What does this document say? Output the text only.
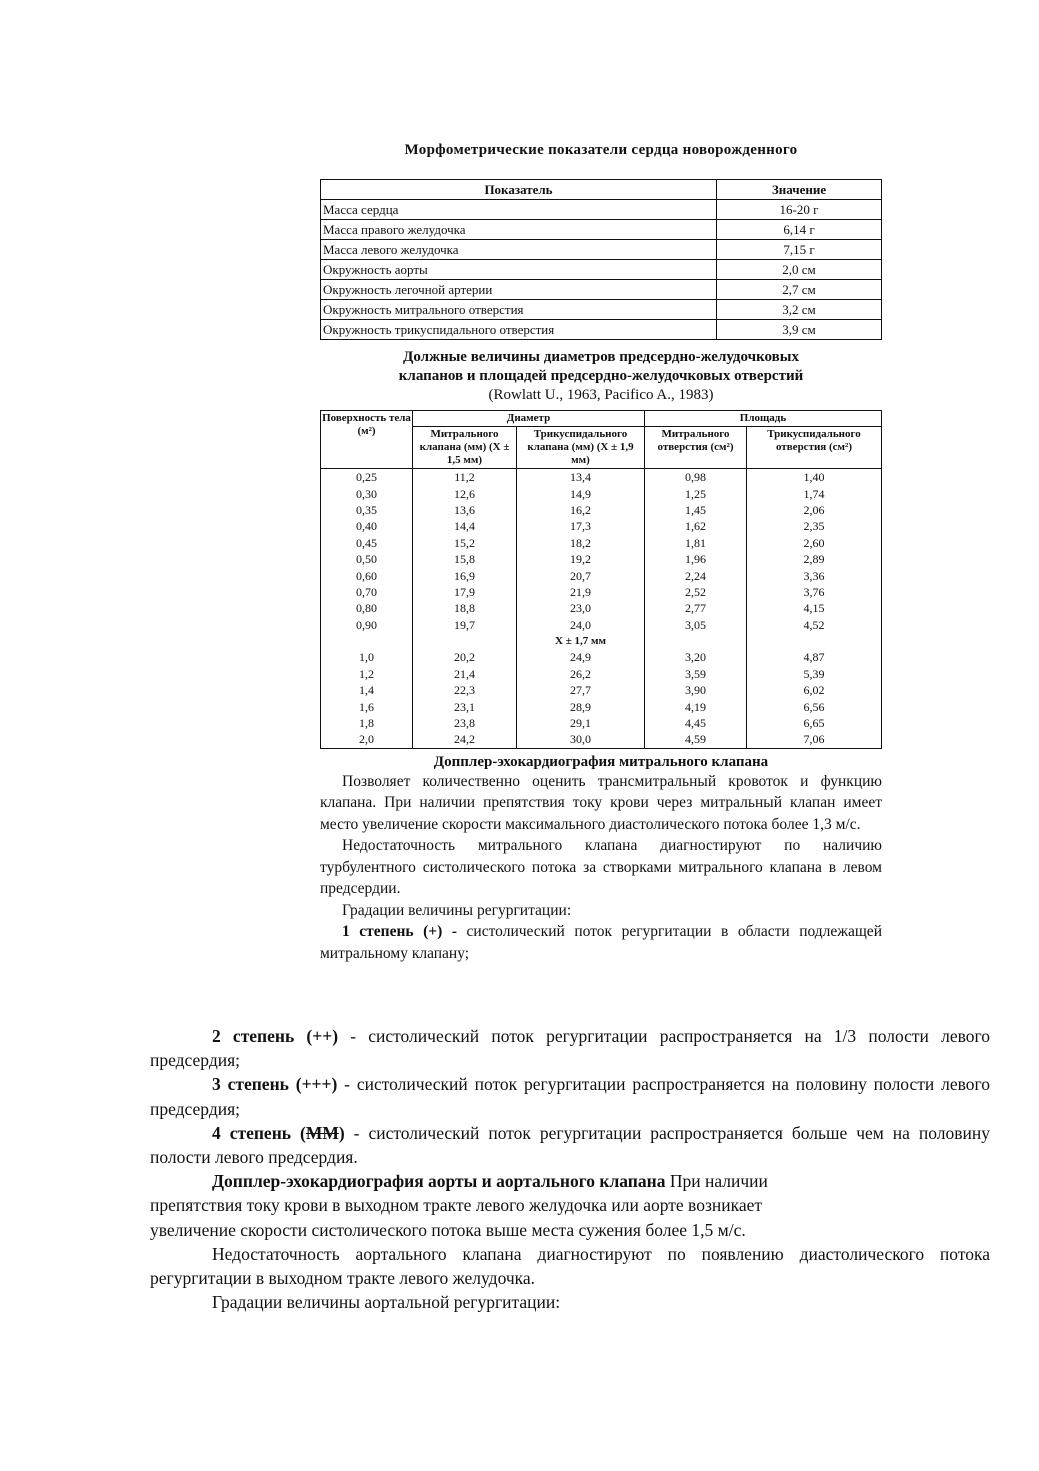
Морфометрические показатели сердца новорожденного
Показатель	Значение
Масса сердца	16-20 г
Масса правого желудочка	6,14 г
Масса левого желудочка	7,15 г
Окружность аорты	2,0 см
Окружность легочной артерии	2,7 см
Окружность митрального отверстия	3,2 см
Окружность трикуспидального отверстия	3,9 см
Должные величины диаметров предсердно-желудочковых
клапанов и площадей предсердно-желудочковых отверстий
(Rowlatt U., 1963, Pacifico A., 1983)
Поверхность тела (м²)	Диаметр		Площадь	
	Митрального клапана (мм) (Х ± 1,5 мм)	Трикуспидального клапана (мм) (Х ± 1,9 мм)	Митрального отверстия (см²)	Трикуспидального отверстия (см²)
0,25	11,2	13,4	0,98	1,40
0,30	12,6	14,9	1,25	1,74
0,35	13,6	16,2	1,45	2,06
0,40	14,4	17,3	1,62	2,35
0,45	15,2	18,2	1,81	2,60
0,50	15,8	19,2	1,96	2,89
0,60	16,9	20,7	2,24	3,36
0,70	17,9	21,9	2,52	3,76
0,80	18,8	23,0	2,77	4,15
0,90	19,7	24,0	3,05	4,52
		Х ± 1,7 мм		
1,0	20,2	24,9	3,20	4,87
1,2	21,4	26,2	3,59	5,39
1,4	22,3	27,7	3,90	6,02
1,6	23,1	28,9	4,19	6,56
1,8	23,8	29,1	4,45	6,65
2,0	24,2	30,0	4,59	7,06
Допплер-эхокардиография митрального клапана

Позволяет количественно оценить трансмитральный кровоток и функцию клапана. При наличии препятствия току крови через митральный клапан имеет место увеличение скорости максимального диастолического потока более 1,3 м/с.

Недостаточность митрального клапана диагностируют по наличию турбулентного систолического потока за створками митрального клапана в левом предсердии.

Градации величины регургитации:

1 степень (+) - систолический поток регургитации в области подлежащей митральному клапану;

2 степень (++) - систолический поток регургитации распространяется на 1/3 полости левого предсердия;

3 степень (+++) - систолический поток регургитации распространяется на половину полости левого предсердия;

4 степень (ММ) - систолический поток регургитации распространяется больше чем на половину полости левого предсердия.

Допплер-эхокардиография аорты и аортального клапана При наличии
препятствия току крови в выходном тракте левого желудочка или аорте возникает
увеличение скорости систолического потока выше места сужения более 1,5 м/с.

Недостаточность аортального клапана диагностируют по появлению диастолического потока регургитации в выходном тракте левого желудочка.

Градации величины аортальной регургитации:
